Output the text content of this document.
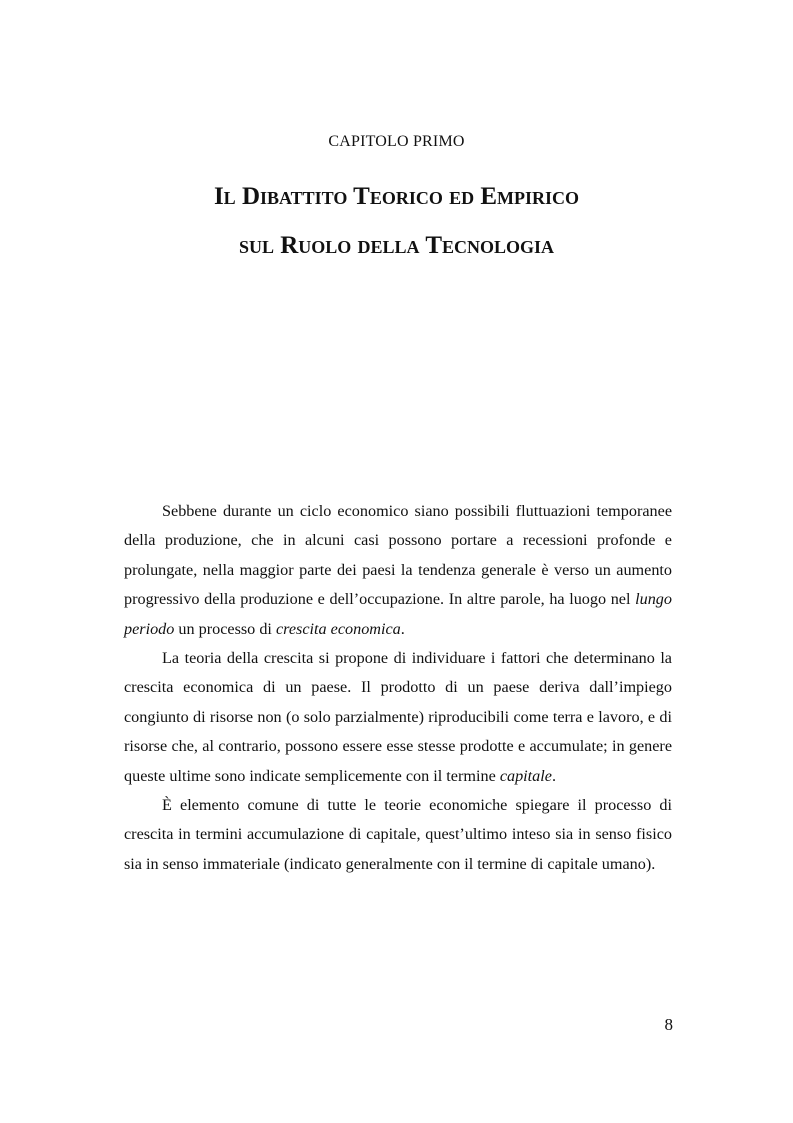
CAPITOLO PRIMO
Il Dibattito Teorico ed Empirico
sul Ruolo della Tecnologia

Sebbene durante un ciclo economico siano possibili fluttuazioni temporanee della produzione, che in alcuni casi possono portare a recessioni profonde e prolungate, nella maggior parte dei paesi la tendenza generale è verso un aumento progressivo della produzione e dell’occupazione. In altre parole, ha luogo nel lungo periodo un processo di crescita economica.

La teoria della crescita si propone di individuare i fattori che determinano la crescita economica di un paese. Il prodotto di un paese deriva dall’impiego congiunto di risorse non (o solo parzialmente) riproducibili come terra e lavoro, e di risorse che, al contrario, possono essere esse stesse prodotte e accumulate; in genere queste ultime sono indicate semplicemente con il termine capitale.

È elemento comune di tutte le teorie economiche spiegare il processo di crescita in termini accumulazione di capitale, quest’ultimo inteso sia in senso fisico sia in senso immateriale (indicato generalmente con il termine di capitale umano).

8
